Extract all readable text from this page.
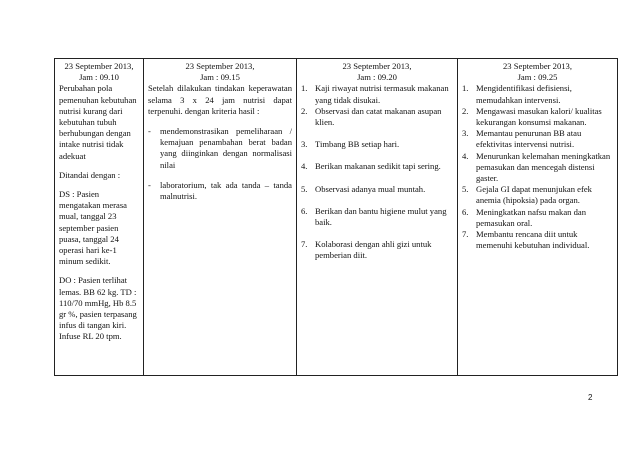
23 September 2013,
Jam : 09.10
Perubahan pola pemenuhan kebutuhan nutrisi kurang dari kebutuhan tubuh berhubungan dengan intake nutrisi tidak adekuat
Ditandai dengan :
DS : Pasien mengatakan merasa mual, tanggal 23 september pasien puasa, tanggal 24 operasi hari ke-1 minum sedikit.
DO : Pasien terlihat lemas. BB 62 kg. TD : 110/70 mmHg, Hb 8.5 gr %, pasien terpasang infus di tangan kiri. Infuse RL 20 tpm.

23 September 2013,
Jam : 09.15
Setelah dilakukan tindakan keperawatan selama 3 x 24 jam nutrisi dapat terpenuhi. dengan kriteria hasil :
-	mendemonstrasikan pemeliharaan / kemajuan penambahan berat badan yang diinginkan dengan normalisasi nilai
-	laboratorium, tak ada tanda – tanda malnutrisi.

23 September 2013,
Jam : 09.20
1. Kaji riwayat nutrisi termasuk makanan yang tidak disukai.
2. Observasi dan catat makanan asupan klien.
3. Timbang BB setiap hari.
4. Berikan makanan sedikit tapi sering.
5. Observasi adanya mual muntah.
6. Berikan dan bantu higiene mulut yang baik.
7. Kolaborasi dengan ahli gizi untuk pemberian diit.

23 September 2013,
Jam : 09.25
1. Mengidentifikasi defisiensi, memudahkan intervensi.
2. Mengawasi masukan kalori/ kualitas kekurangan konsumsi makanan.
3. Memantau penurunan BB atau efektivitas intervensi nutrisi.
4. Menurunkan kelemahan meningkatkan pemasukan dan mencegah distensi gaster.
5. Gejala GI dapat menunjukan efek anemia (hipoksia) pada organ.
6. Meningkatkan nafsu makan dan pemasukan oral.
7. Membantu rencana diit untuk memenuhi kebutuhan individual.
2
